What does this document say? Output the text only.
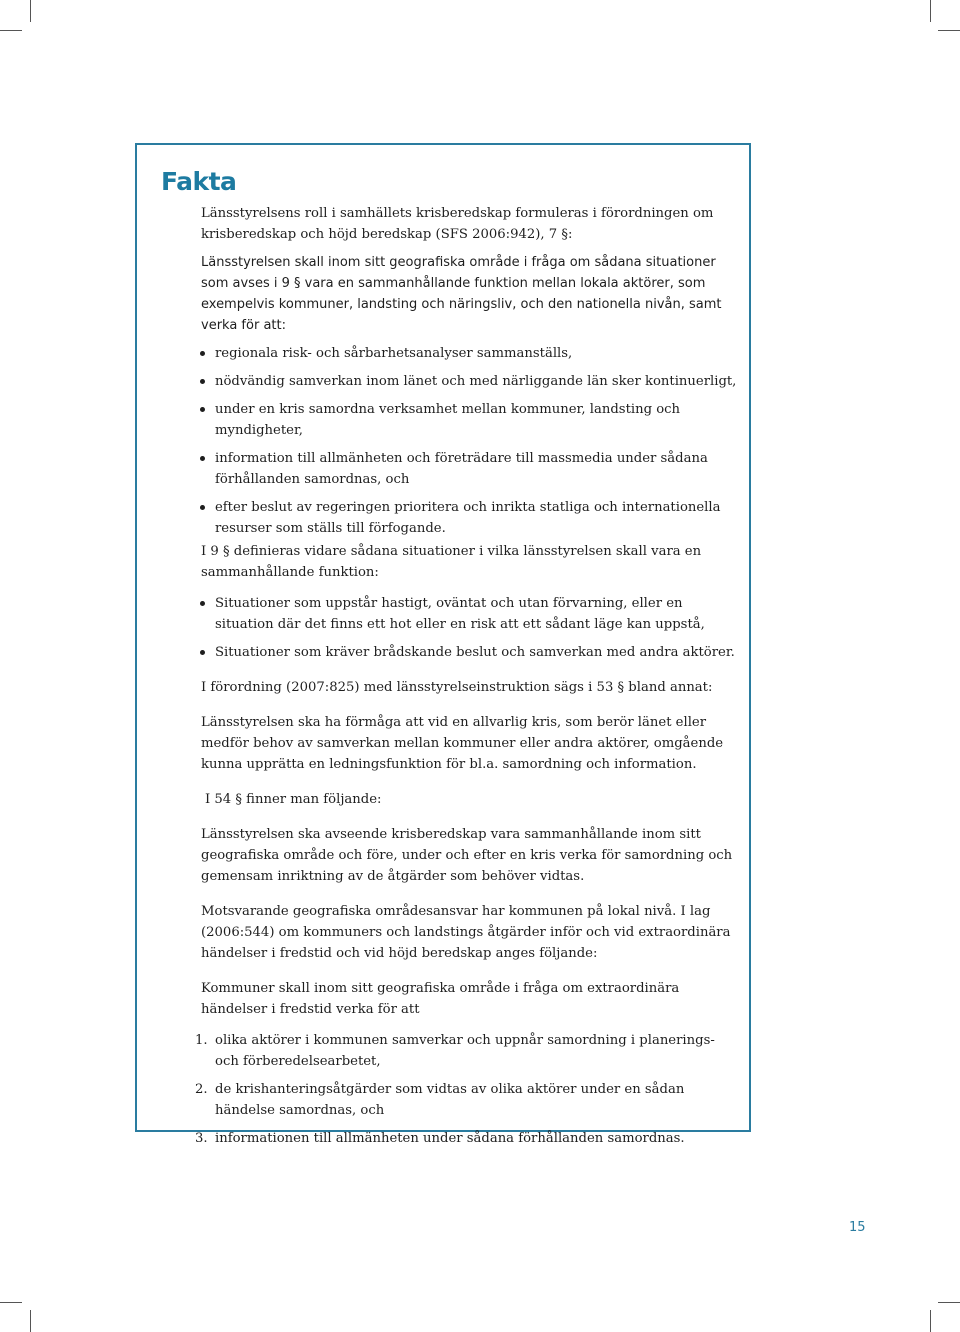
Fakta

Länsstyrelsens roll i samhällets krisberedskap formuleras i förordningen om krisberedskap och höjd beredskap (SFS 2006:942), 7 §:

Länsstyrelsen skall inom sitt geografiska område i fråga om sådana situationer som avses i 9 § vara en sammanhållande funktion mellan lokala aktörer, som exempelvis kommuner, landsting och näringsliv, och den nationella nivån, samt verka för att:

regionala risk- och sårbarhetsanalyser sammanställs,
nödvändig samverkan inom länet och med närliggande län sker kontinuerligt,
under en kris samordna verksamhet mellan kommuner, landsting och myndigheter,
information till allmänheten och företrädare till massmedia under sådana förhållanden samordnas, och
efter beslut av regeringen prioritera och inrikta statliga och internationella resurser som ställs till förfogande.

I 9 § definieras vidare sådana situationer i vilka länsstyrelsen skall vara en sammanhållande funktion:

Situationer som uppstår hastigt, oväntat och utan förvarning, eller en situation där det finns ett hot eller en risk att ett sådant läge kan uppstå,
Situationer som kräver brådskande beslut och samverkan med andra aktörer.

I förordning (2007:825) med länsstyrelseinstruktion sägs i 53 § bland annat:

Länsstyrelsen ska ha förmåga att vid en allvarlig kris, som berör länet eller medför behov av samverkan mellan kommuner eller andra aktörer, omgående kunna upprätta en ledningsfunktion för bl.a. samordning och information.

I 54 § finner man följande:

Länsstyrelsen ska avseende krisberedskap vara sammanhållande inom sitt geografiska område och före, under och efter en kris verka för samordning och gemensam inriktning av de åtgärder som behöver vidtas.

Motsvarande geografiska områdesansvar har kommunen på lokal nivå. I lag (2006:544) om kommuners och landstings åtgärder inför och vid extraordinära händelser i fredstid och vid höjd beredskap anges följande:

Kommuner skall inom sitt geografiska område i fråga om extraordinära händelser i fredstid verka för att

1. olika aktörer i kommunen samverkar och uppnår samordning i planerings- och förberedelsearbetet,
2. de krishanteringsåtgärder som vidtas av olika aktörer under en sådan händelse samordnas, och
3. informationen till allmänheten under sådana förhållanden samordnas.
15
